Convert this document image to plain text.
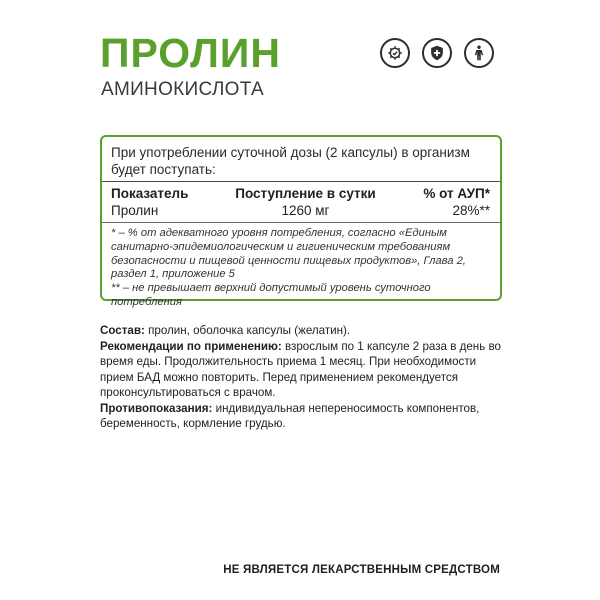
ПРОЛИН
АМИНОКИСЛОТА
При употреблении суточной дозы (2 капсулы) в организм будет поступать:
Показатель	Поступление в сутки	% от АУП*
Пролин	1260 мг	28%**

* – % от адекватного уровня потребления, согласно «Единым санитарно-эпидемиологическим и гигиеническим требованиям безопасности и пищевой ценности пищевых продуктов», Глава 2, раздел 1, приложение 5

** – не превышает верхний допустимый уровень суточного потребления

Состав: пролин, оболочка капсулы (желатин).

Рекомендации по применению: взрослым по 1 капсуле 2 раза в день во время еды. Продолжительность приема 1 месяц. При необходимости прием БАД можно повторить. Перед применением рекомендуется проконсультироваться с врачом.

Противопоказания: индивидуальная непереносимость компонентов, беременность, кормление грудью.

НЕ ЯВЛЯЕТСЯ ЛЕКАРСТВЕННЫМ СРЕДСТВОМ
